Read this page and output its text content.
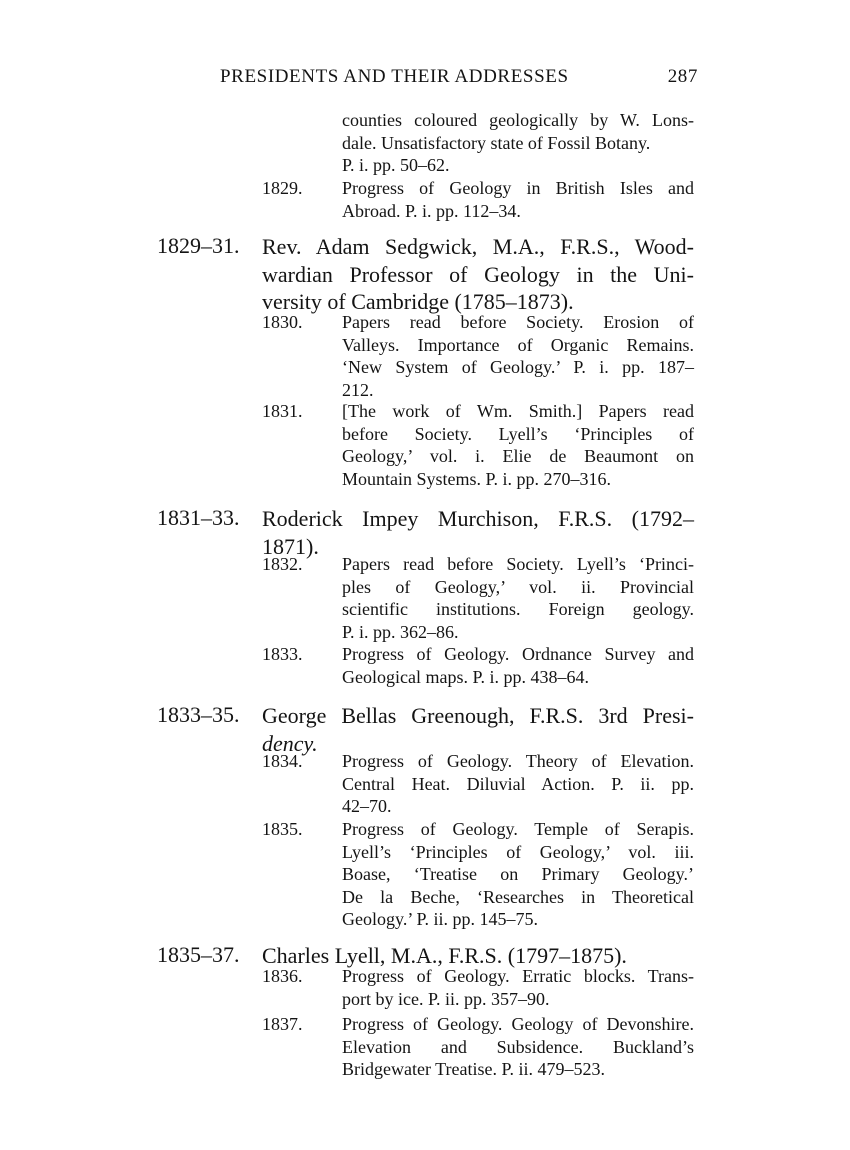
PRESIDENTS AND THEIR ADDRESSES	287
counties coloured geologically by W. Lons-
dale. Unsatisfactory state of Fossil Botany.
P. i. pp. 50–62.
1829. Progress of Geology in British Isles and
Abroad. P. i. pp. 112–34.
1829–31. Rev. Adam Sedgwick, M.A., F.R.S., Wood-
wardian Professor of Geology in the Uni-
versity of Cambridge (1785–1873).
1830. Papers read before Society. Erosion of
Valleys. Importance of Organic Remains.
‘New System of Geology.’ P. i. pp. 187–
212.
1831. [The work of Wm. Smith.] Papers read
before Society. Lyell’s ‘Principles of
Geology,’ vol. i. Elie de Beaumont on
Mountain Systems. P. i. pp. 270–316.
1831–33. Roderick Impey Murchison, F.R.S. (1792–
1871).
1832. Papers read before Society. Lyell’s ‘Princi-
ples of Geology,’ vol. ii. Provincial
scientific institutions. Foreign geology.
P. i. pp. 362–86.
1833. Progress of Geology. Ordnance Survey and
Geological maps. P. i. pp. 438–64.
1833–35. George Bellas Greenough, F.R.S. 3rd Presi-
dency.
1834. Progress of Geology. Theory of Elevation.
Central Heat. Diluvial Action. P. ii. pp.
42–70.
1835. Progress of Geology. Temple of Serapis.
Lyell’s ‘Principles of Geology,’ vol. iii.
Boase, ‘Treatise on Primary Geology.’
De la Beche, ‘Researches in Theoretical
Geology.’ P. ii. pp. 145–75.
1835–37. Charles Lyell, M.A., F.R.S. (1797–1875).
1836. Progress of Geology. Erratic blocks. Trans-
port by ice. P. ii. pp. 357–90.
1837. Progress of Geology. Geology of Devonshire.
Elevation and Subsidence. Buckland’s
Bridgewater Treatise. P. ii. 479–523.
